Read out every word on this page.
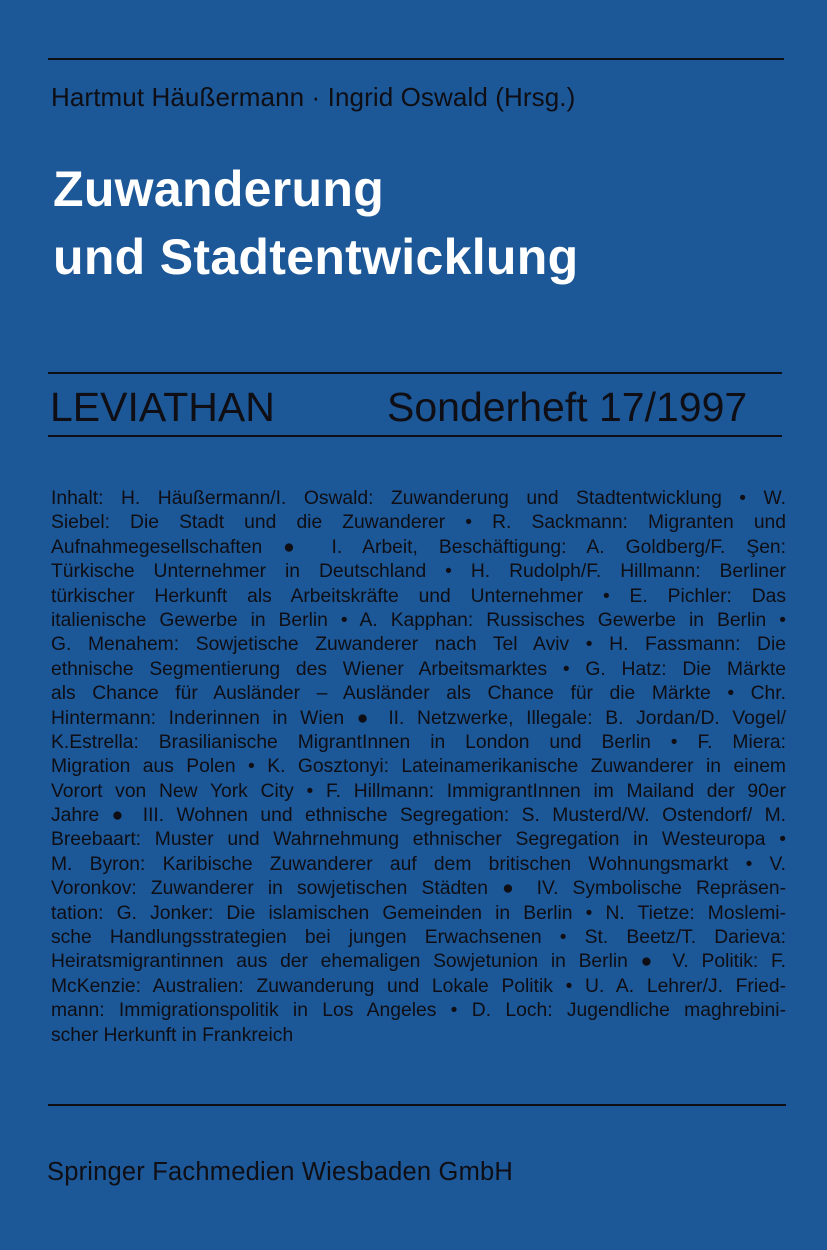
Hartmut Häußermann · Ingrid Oswald (Hrsg.)
Zuwanderung
und Stadtentwicklung
LEVIATHAN	Sonderheft 17/1997
Inhalt: H. Häußermann/I. Oswald: Zuwanderung und Stadtentwicklung • W.
Siebel: Die Stadt und die Zuwanderer • R. Sackmann: Migranten und
Aufnahmegesellschaften ● I. Arbeit, Beschäftigung: A. Goldberg/F. Şen:
Türkische Unternehmer in Deutschland • H. Rudolph/F. Hillmann: Berliner
türkischer Herkunft als Arbeitskräfte und Unternehmer • E. Pichler: Das
italienische Gewerbe in Berlin • A. Kapphan: Russisches Gewerbe in Berlin •
G. Menahem: Sowjetische Zuwanderer nach Tel Aviv • H. Fassmann: Die
ethnische Segmentierung des Wiener Arbeitsmarktes • G. Hatz: Die Märkte
als Chance für Ausländer – Ausländer als Chance für die Märkte • Chr.
Hintermann: Inderinnen in Wien ● II. Netzwerke, Illegale: B. Jordan/D. Vogel/
K.Estrella: Brasilianische MigrantInnen in London und Berlin • F. Miera:
Migration aus Polen • K. Gosztonyi: Lateinamerikanische Zuwanderer in einem
Vorort von New York City • F. Hillmann: ImmigrantInnen im Mailand der 90er
Jahre ● III. Wohnen und ethnische Segregation: S. Musterd/W. Ostendorf/ M.
Breebaart: Muster und Wahrnehmung ethnischer Segregation in Westeuropa •
M. Byron: Karibische Zuwanderer auf dem britischen Wohnungsmarkt • V.
Voronkov: Zuwanderer in sowjetischen Städten ● IV. Symbolische Repräsen-
tation: G. Jonker: Die islamischen Gemeinden in Berlin • N. Tietze: Moslemi-
sche Handlungsstrategien bei jungen Erwachsenen • St. Beetz/T. Darieva:
Heiratsmigrantinnen aus der ehemaligen Sowjetunion in Berlin ● V. Politik: F.
McKenzie: Australien: Zuwanderung und Lokale Politik • U. A. Lehrer/J. Fried-
mann: Immigrationspolitik in Los Angeles • D. Loch: Jugendliche maghrebini-
scher Herkunft in Frankreich
Springer Fachmedien Wiesbaden GmbH
